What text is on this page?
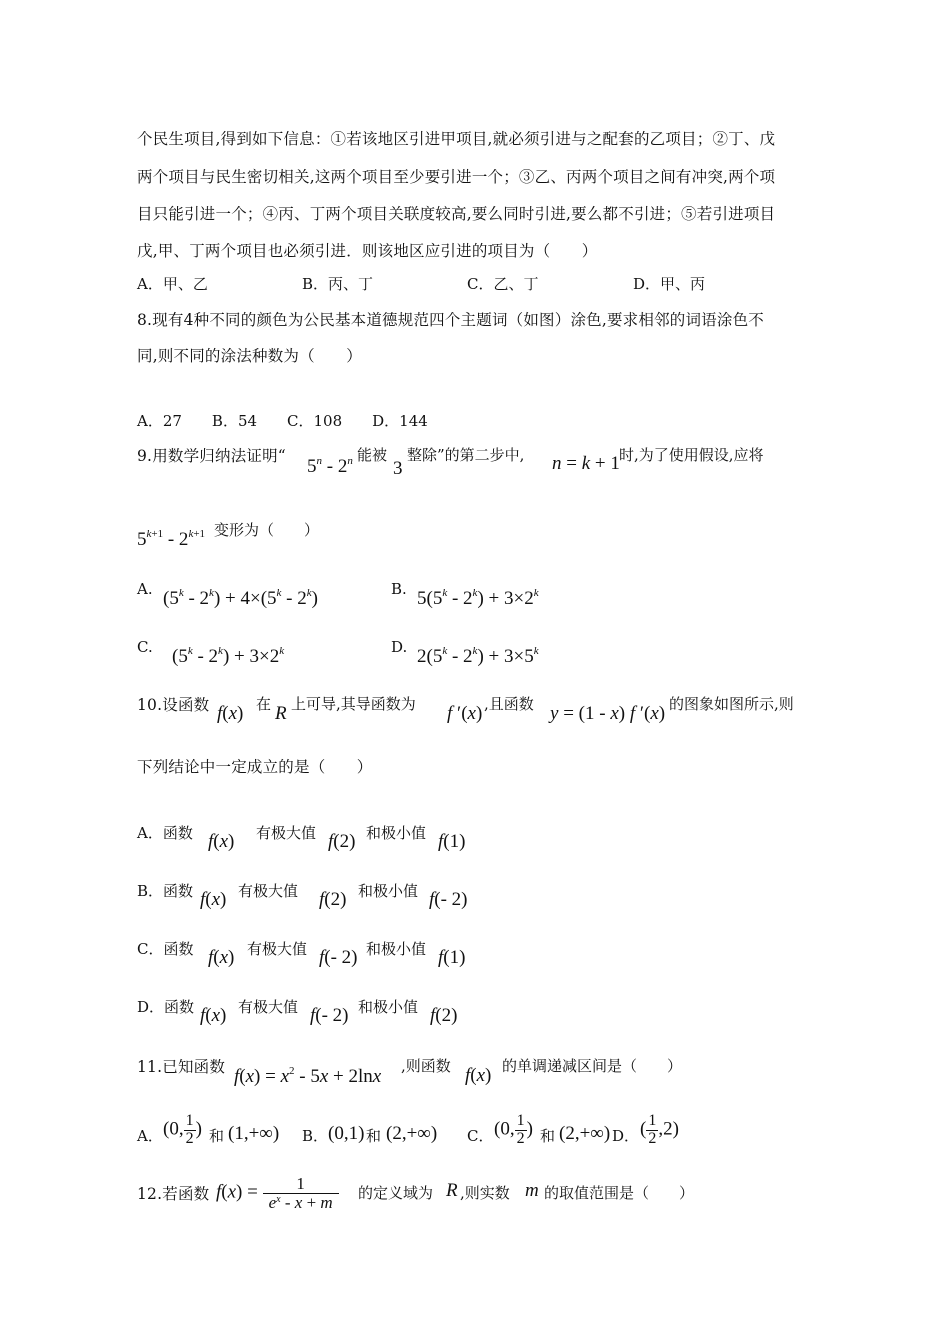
个民生项目,得到如下信息：①若该地区引进甲项目,就必须引进与之配套的乙项目；②丁、戊
两个项目与民生密切相关,这两个项目至少要引进一个；③乙、丙两个项目之间有冲突,两个项
目只能引进一个；④丙、丁两个项目关联度较高,要么同时引进,要么都不引进；⑤若引进项目
戊,甲、丁两个项目也必须引进．则该地区应引进的项目为（　　）
A．甲、乙	B．丙、丁	C．乙、丁	D．甲、丙
8.现有4种不同的颜色为公民基本道德规范四个主题词（如图）涂色,要求相邻的词语涂色不
同,则不同的涂法种数为（　　）
A．27　　B．54　　C．108　　D．144
9.用数学归纳法证明“ 5$^n$ - 2$^n$ 能被
3
整除”的第二步中, n = k + 1 时,为了使用假设,应将
$5^{k+1} - 2^{k+1}$ 变形为（　　）
A. $(5^k - 2^k) + 4\times(5^k - 2^k)$	B. $5(5^k - 2^k) + 3\times 2^k$
C. $(5^k - 2^k) + 3\times 2^k$	D. $2(5^k - 2^k) + 3\times 5^k$
10.设函数 f(x) 在 R 上可导,其导函数为 f ′(x) ,且函数 y = (1 - x) f ′(x) 的图象如图所示,则
下列结论中一定成立的是（　　）
A．函数 f(x) 有极大值 f(2) 和极小值 f(1)
B．函数 f(x) 有极大值 f(2) 和极小值 f(- 2)
C．函数 f(x) 有极大值 f(- 2) 和极小值 f(1)
D．函数 f(x) 有极大值 f(- 2) 和极小值 f(2)
11.已知函数 $f(x) = x^2 - 5x + 2\ln x$ ,则函数 f(x) 的单调递减区间是（　　）
A． (0, $\frac{1}{2}$ ) 和 (1,+∞) B． (0,1) 和 (2,+∞) C． (0, $\frac{1}{2}$ ) 和 (2,+∞) D． ( $\frac{1}{2} ,2$)
12.若函数 $f(x) = \frac{1}{e^x - x + m}$ 的定义域为 R ,则实数 m 的取值范围是（　　）
